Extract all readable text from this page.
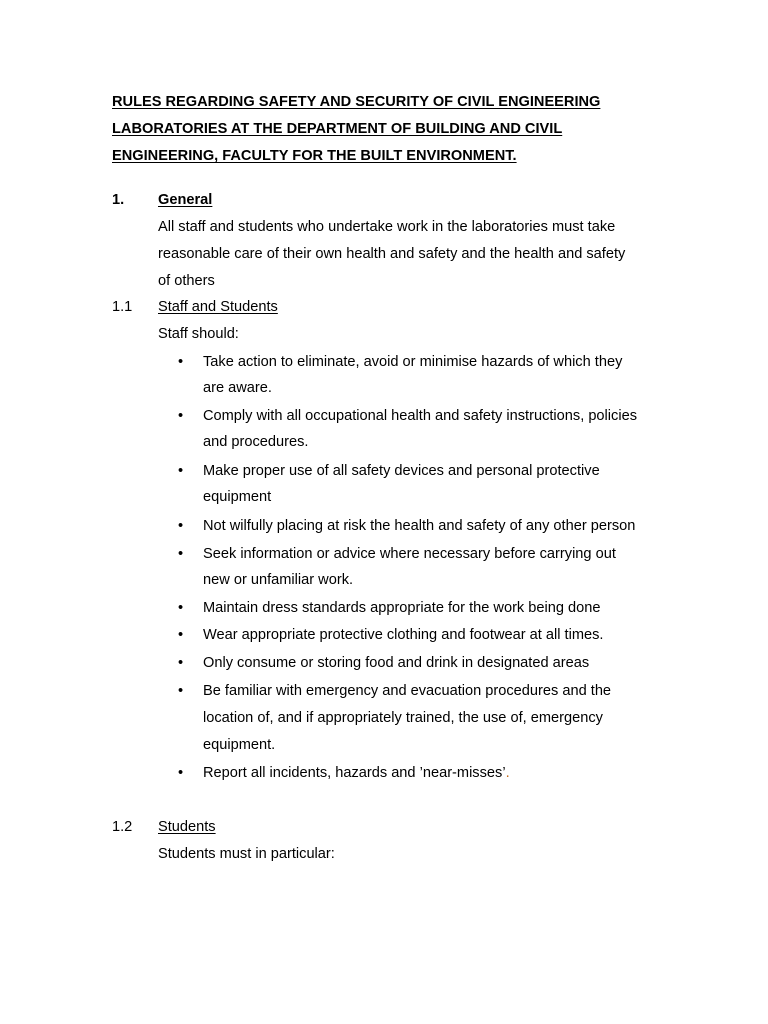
RULES REGARDING SAFETY AND SECURITY OF CIVIL ENGINEERING
LABORATORIES AT THE DEPARTMENT OF BUILDING AND CIVIL
ENGINEERING, FACULTY FOR THE BUILT ENVIRONMENT.
1. General
All staff and students who undertake work in the laboratories must take
reasonable care of their own health and safety and the health and safety
of others
1.1 Staff and Students
Staff should:
• Take action to eliminate, avoid or minimise hazards of which they
are aware.
• Comply with all occupational health and safety instructions, policies
and procedures.
• Make proper use of all safety devices and personal protective
equipment
• Not wilfully placing at risk the health and safety of any other person
• Seek information or advice where necessary before carrying out
new or unfamiliar work.
• Maintain dress standards appropriate for the work being done
• Wear appropriate protective clothing and footwear at all times.
• Only consume or storing food and drink in designated areas
• Be familiar with emergency and evacuation procedures and the
location of, and if appropriately trained, the use of, emergency
equipment.
• Report all incidents, hazards and ’near-misses’.
1.2 Students
Students must in particular:
